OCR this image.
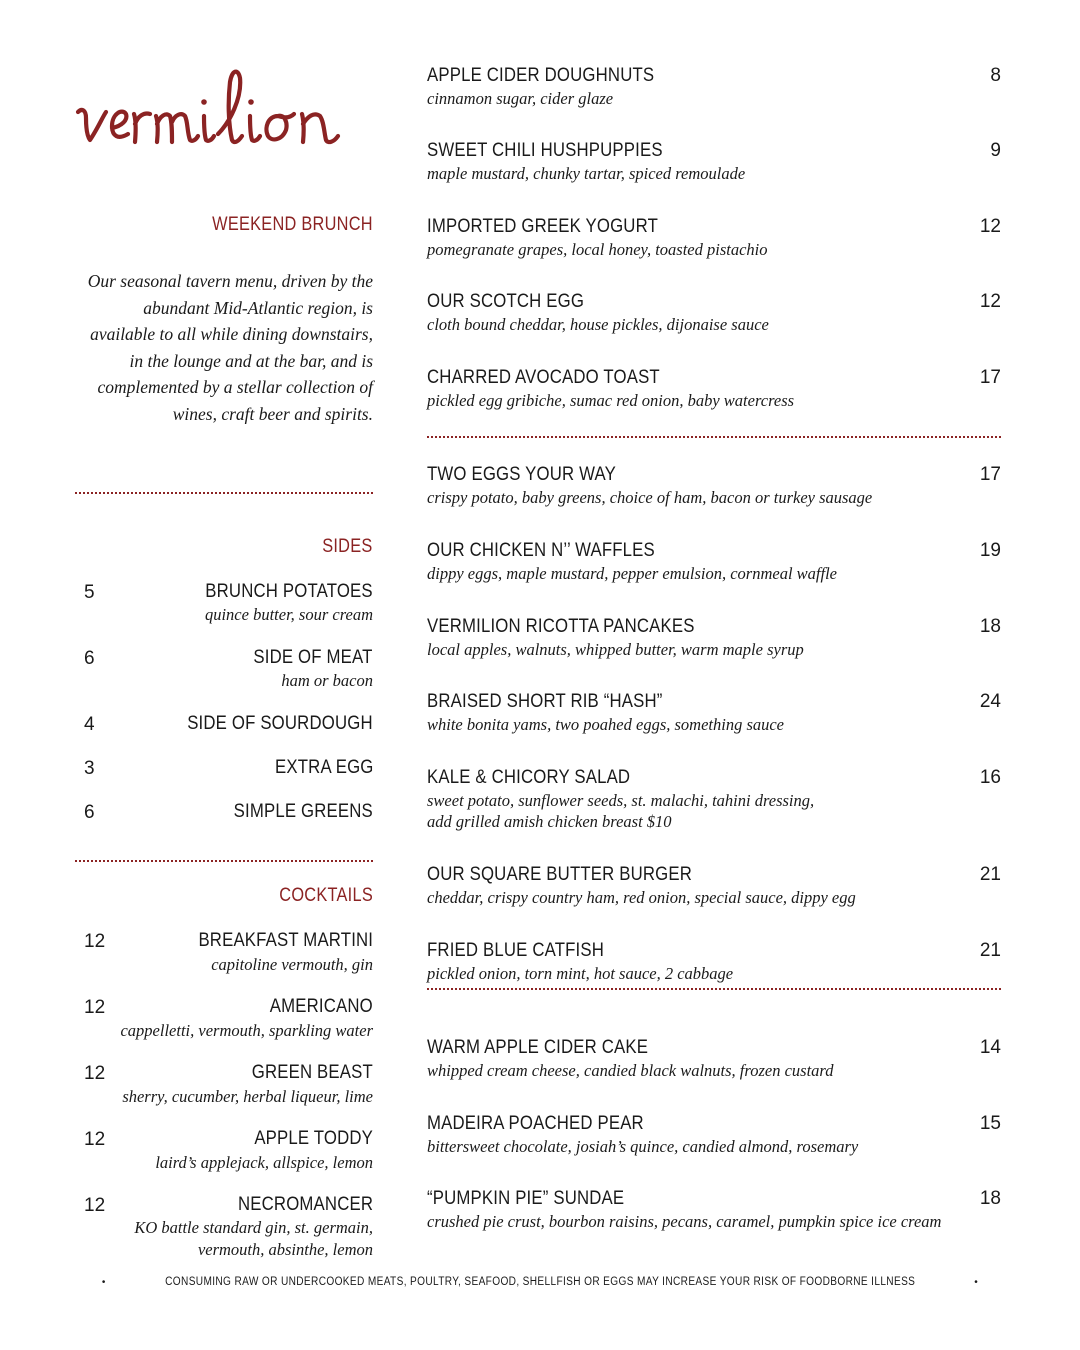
WEEKEND BRUNCH

Our seasonal tavern menu, driven by the abundant Mid-Atlantic region, is available to all while dining downstairs, in the lounge and at the bar, and is complemented by a stellar collection of wines, craft beer and spirits.

SIDES
5	BRUNCH POTATOES
quince butter, sour cream
6	SIDE OF MEAT
ham or bacon
4	SIDE OF SOURDOUGH
3	EXTRA EGG
6	SIMPLE GREENS
COCKTAILS
12	BREAKFAST MARTINI
capitoline vermouth, gin
12	AMERICANO
cappelletti, vermouth, sparkling water
12	GREEN BEAST
sherry, cucumber, herbal liqueur, lime
12	APPLE TODDY
laird’s applejack, allspice, lemon
12	NECROMANCER
KO battle standard gin, st. germain,
vermouth, absinthe, lemon
APPLE CIDER DOUGHNUTS	8
cinnamon sugar, cider glaze
SWEET CHILI HUSHPUPPIES	9
maple mustard, chunky tartar, spiced remoulade
IMPORTED GREEK YOGURT	12
pomegranate grapes, local honey, toasted pistachio
OUR SCOTCH EGG	12
cloth bound cheddar, house pickles, dijonaise sauce
CHARRED AVOCADO TOAST	17
pickled egg gribiche, sumac red onion, baby watercress
TWO EGGS YOUR WAY	17
crispy potato, baby greens, choice of ham, bacon or turkey sausage
OUR CHICKEN N’’ WAFFLES	19
dippy eggs, maple mustard, pepper emulsion, cornmeal waffle
VERMILION RICOTTA PANCAKES	18
local apples, walnuts, whipped butter, warm maple syrup
BRAISED SHORT RIB “HASH”	24
white bonita yams, two poahed eggs, something sauce
KALE & CHICORY SALAD	16
sweet potato, sunflower seeds, st. malachi, tahini dressing,
add grilled amish chicken breast $10
OUR SQUARE BUTTER BURGER	21
cheddar, crispy country ham, red onion, special sauce, dippy egg
FRIED BLUE CATFISH	21
pickled onion, torn mint, hot sauce, 2 cabbage
WARM APPLE CIDER CAKE	14
whipped cream cheese, candied black walnuts, frozen custard
MADEIRA POACHED PEAR	15
bittersweet chocolate, josiah’s quince, candied almond, rosemary
“PUMPKIN PIE” SUNDAE	18
crushed pie crust, bourbon raisins, pecans, caramel, pumpkin spice ice cream
•	CONSUMING RAW OR UNDERCOOKED MEATS, POULTRY, SEAFOOD, SHELLFISH OR EGGS MAY INCREASE YOUR RISK OF FOODBORNE ILLNESS	•
